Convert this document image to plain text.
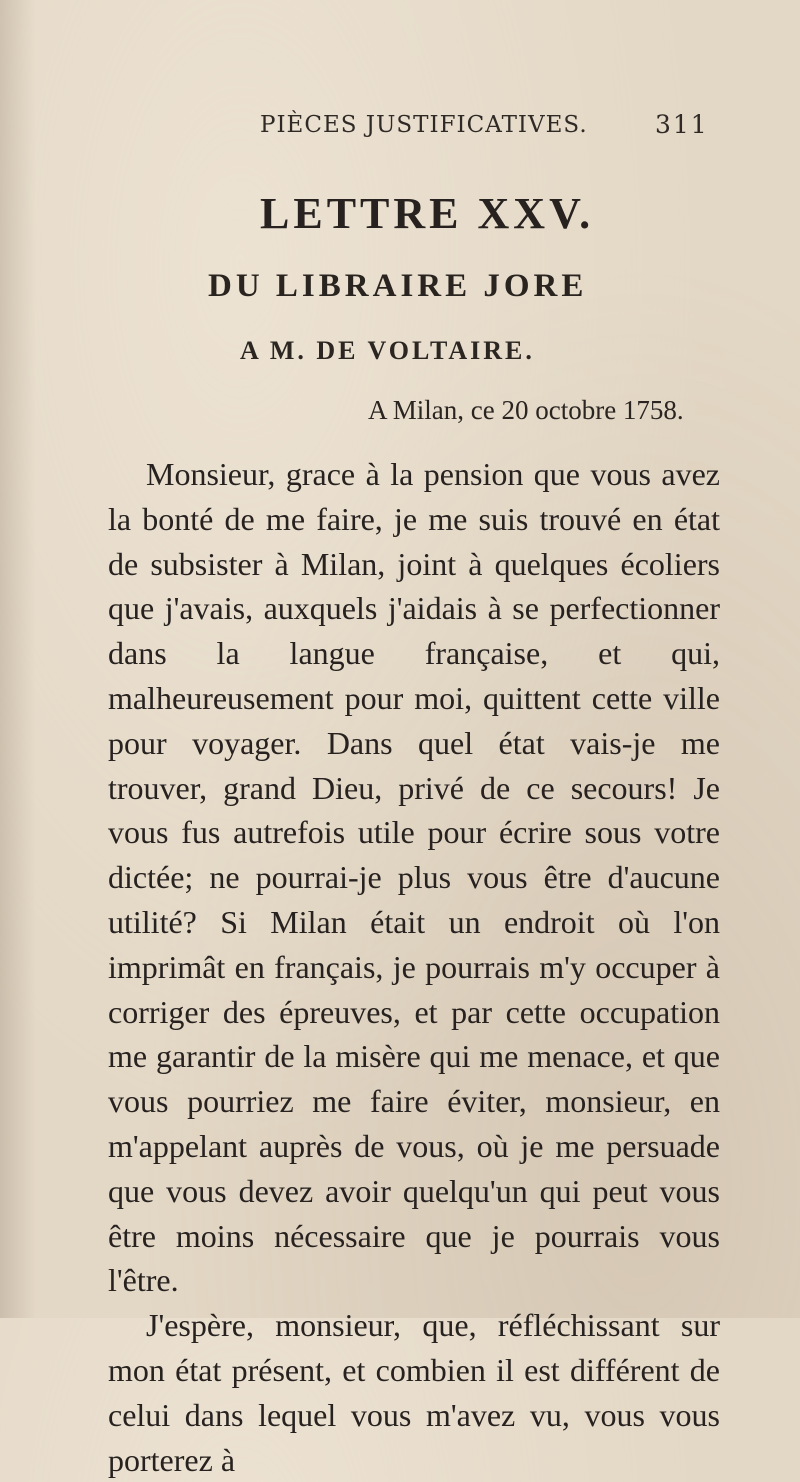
PIÈCES JUSTIFICATIVES.	311
LETTRE XXV.
DU LIBRAIRE JORE
A M. DE VOLTAIRE.
A Milan, ce 20 octobre 1758.

Monsieur, grace à la pension que vous avez la bonté de me faire, je me suis trouvé en état de subsister à Milan, joint à quelques écoliers que j'avais, auxquels j'aidais à se perfectionner dans la langue française, et qui, malheureusement pour moi, quittent cette ville pour voyager. Dans quel état vais-je me trouver, grand Dieu, privé de ce secours! Je vous fus autrefois utile pour écrire sous votre dictée; ne pourrai-je plus vous être d'aucune utilité? Si Milan était un endroit où l'on imprimât en français, je pourrais m'y occuper à corriger des épreuves, et par cette occupation me garantir de la misère qui me menace, et que vous pourriez me faire éviter, monsieur, en m'appelant auprès de vous, où je me persuade que vous devez avoir quelqu'un qui peut vous être moins nécessaire que je pourrais vous l'être.

J'espère, monsieur, que, réfléchissant sur mon état présent, et combien il est différent de celui dans lequel vous m'avez vu, vous vous porterez à
